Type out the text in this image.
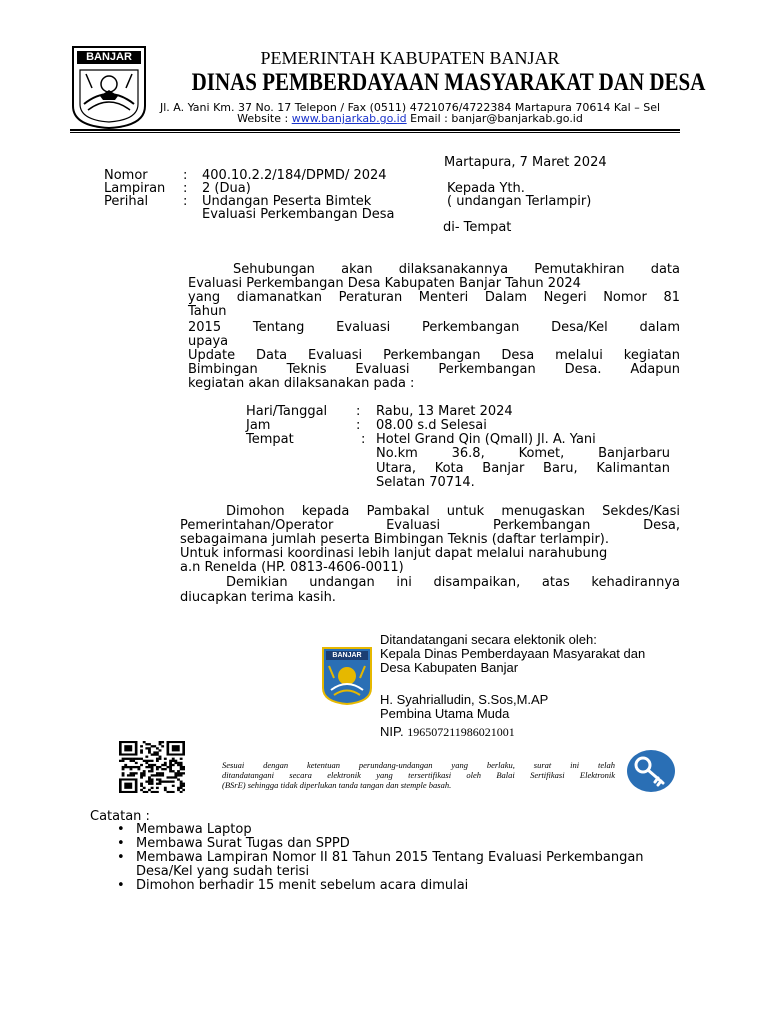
BANJAR	PEMERINTAH KABUPATEN BANJAR
DINAS PEMBERDAYAAN MASYARAKAT DAN DESA
Jl. A. Yani Km. 37 No. 17 Telepon / Fax (0511) 4721076/4722384 Martapura 70614 Kal – Sel
Website : www.banjarkab.go.id Email : banjar@banjarkab.go.id
Martapura, 7 Maret 2024
Nomor	: 400.10.2.2/184/DPMD/ 2024
Lampiran : 2 (Dua)
Perihal	: Undangan Peserta Bimtek
Evaluasi Perkembangan Desa
Kepada Yth.
( undangan Terlampir)
di- Tempat
Sehubungan akan dilaksanakannya Pemutakhiran data
Evaluasi Perkembangan Desa Kabupaten Banjar Tahun 2024
yang diamanatkan Peraturan Menteri Dalam Negeri Nomor 81
Tahun
2015 Tentang Evaluasi Perkembangan Desa/Kel dalam
upaya
Update Data Evaluasi Perkembangan Desa melalui kegiatan
Bimbingan Teknis Evaluasi Perkembangan Desa. Adapun
kegiatan akan dilaksanakan pada :
Hari/Tanggal : Rabu, 13 Maret 2024
Jam	: 08.00 s.d Selesai
Tempat	: Hotel Grand Qin (Qmall) Jl. A. Yani
No.km 36.8, Komet, Banjarbaru
Utara, Kota Banjar Baru, Kalimantan
Selatan 70714.
Dimohon kepada Pambakal untuk menugaskan Sekdes/Kasi
Pemerintahan/Operator Evaluasi Perkembangan Desa,
sebagaimana jumlah peserta Bimbingan Teknis (daftar terlampir).
Untuk informasi koordinasi lebih lanjut dapat melalui narahubung
a.n Renelda (HP. 0813-4606-0011)
Demikian undangan ini disampaikan, atas kehadirannya
diucapkan terima kasih.
BANJAR
Ditandatangani secara elektonik oleh:
Kepala Dinas Pemberdayaan Masyarakat dan
Desa Kabupaten Banjar
H. Syahrialludin, S.Sos,M.AP
Pembina Utama Muda
NIP. 196507211986021001
Sesuai dengan ketentuan perundang-undangan yang berlaku, surat ini telah
ditandatangani secara elektronik yang tersertifikasi oleh Balai Sertifikasi Elektronik
(BSrE) sehingga tidak diperlukan tanda tangan dan stemple basah.
Catatan :
• Membawa Laptop
• Membawa Surat Tugas dan SPPD
• Membawa Lampiran Nomor II 81 Tahun 2015 Tentang Evaluasi Perkembangan Desa/Kel yang sudah terisi
• Dimohon berhadir 15 menit sebelum acara dimulai
